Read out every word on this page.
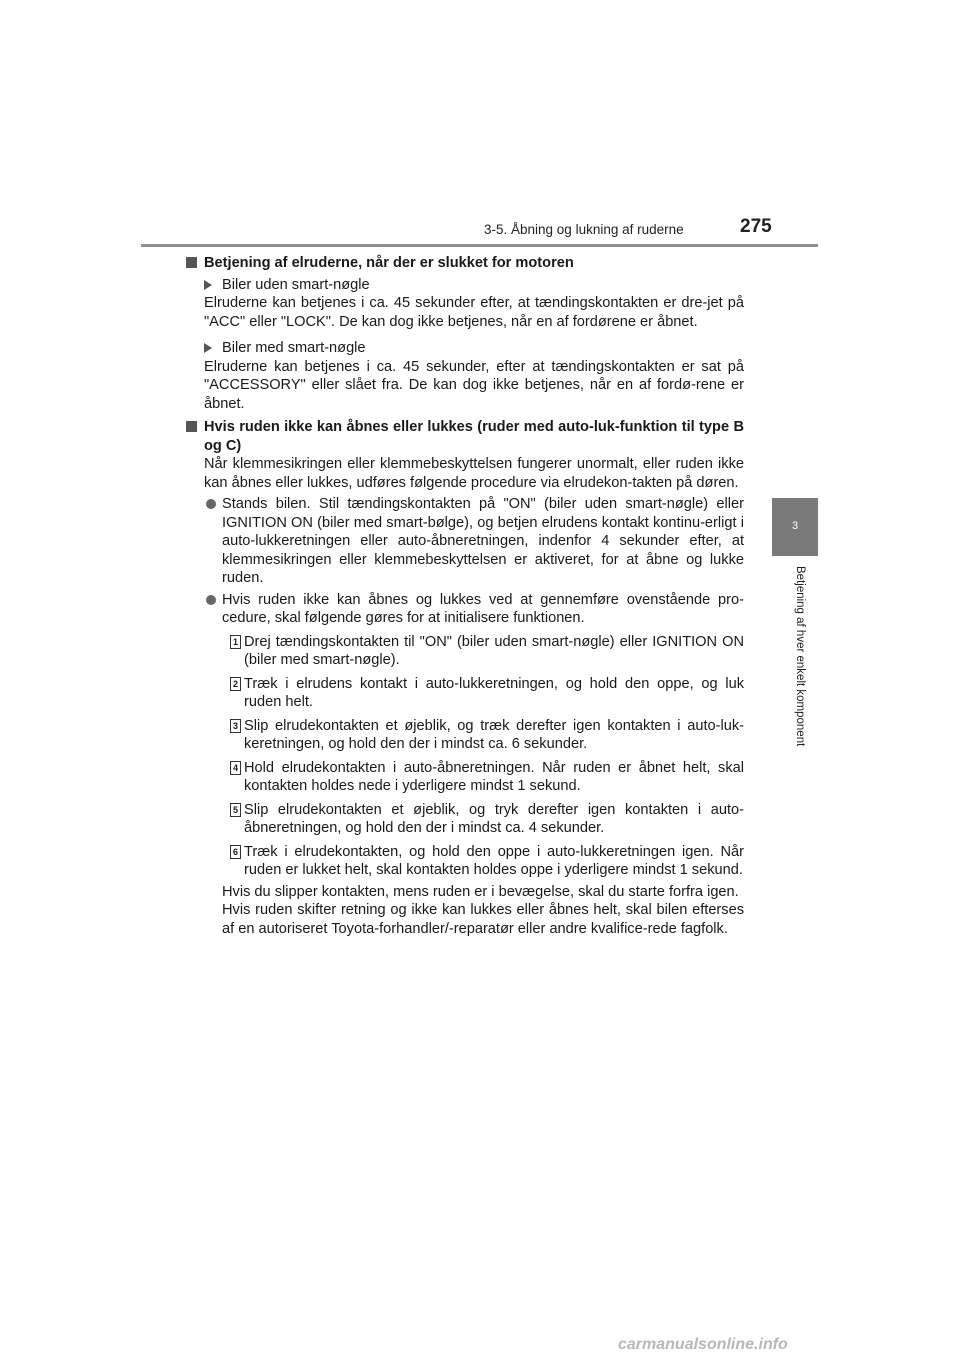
3-5. Åbning og lukning af ruderne	275
3
Betjening af hver enkelt komponent

Betjening af elruderne, når der er slukket for motoren

Biler uden smart-nøgle

Elruderne kan betjenes i ca. 45 sekunder efter, at tændingskontakten er dre-jet på "ACC" eller "LOCK". De kan dog ikke betjenes, når en af fordørene er åbnet.

Biler med smart-nøgle

Elruderne kan betjenes i ca. 45 sekunder, efter at tændingskontakten er sat på "ACCESSORY" eller slået fra. De kan dog ikke betjenes, når en af fordø-rene er åbnet.

Hvis ruden ikke kan åbnes eller lukkes (ruder med auto-luk-funktion til type B og C)

Når klemmesikringen eller klemmebeskyttelsen fungerer unormalt, eller ruden ikke kan åbnes eller lukkes, udføres følgende procedure via elrudekon-takten på døren.

Stands bilen. Stil tændingskontakten på "ON" (biler uden smart-nøgle) eller IGNITION ON (biler med smart-bølge), og betjen elrudens kontakt kontinu-erligt i auto-lukkeretningen eller auto-åbneretningen, indenfor 4 sekunder efter, at klemmesikringen eller klemmebeskyttelsen er aktiveret, for at åbne og lukke ruden.

Hvis ruden ikke kan åbnes og lukkes ved at gennemføre ovenstående pro-cedure, skal følgende gøres for at initialisere funktionen.

1 Drej tændingskontakten til "ON" (biler uden smart-nøgle) eller IGNITION ON (biler med smart-nøgle).

2 Træk i elrudens kontakt i auto-lukkeretningen, og hold den oppe, og luk ruden helt.

3 Slip elrudekontakten et øjeblik, og træk derefter igen kontakten i auto-luk-keretningen, og hold den der i mindst ca. 6 sekunder.

4 Hold elrudekontakten i auto-åbneretningen. Når ruden er åbnet helt, skal kontakten holdes nede i yderligere mindst 1 sekund.

5 Slip elrudekontakten et øjeblik, og tryk derefter igen kontakten i auto-åbneretningen, og hold den der i mindst ca. 4 sekunder.

6 Træk i elrudekontakten, og hold den oppe i auto-lukkeretningen igen. Når ruden er lukket helt, skal kontakten holdes oppe i yderligere mindst 1 sekund.

Hvis du slipper kontakten, mens ruden er i bevægelse, skal du starte forfra igen.

Hvis ruden skifter retning og ikke kan lukkes eller åbnes helt, skal bilen efterses af en autoriseret Toyota-forhandler/-reparatør eller andre kvalifice-rede fagfolk.

carmanualsonline.info
